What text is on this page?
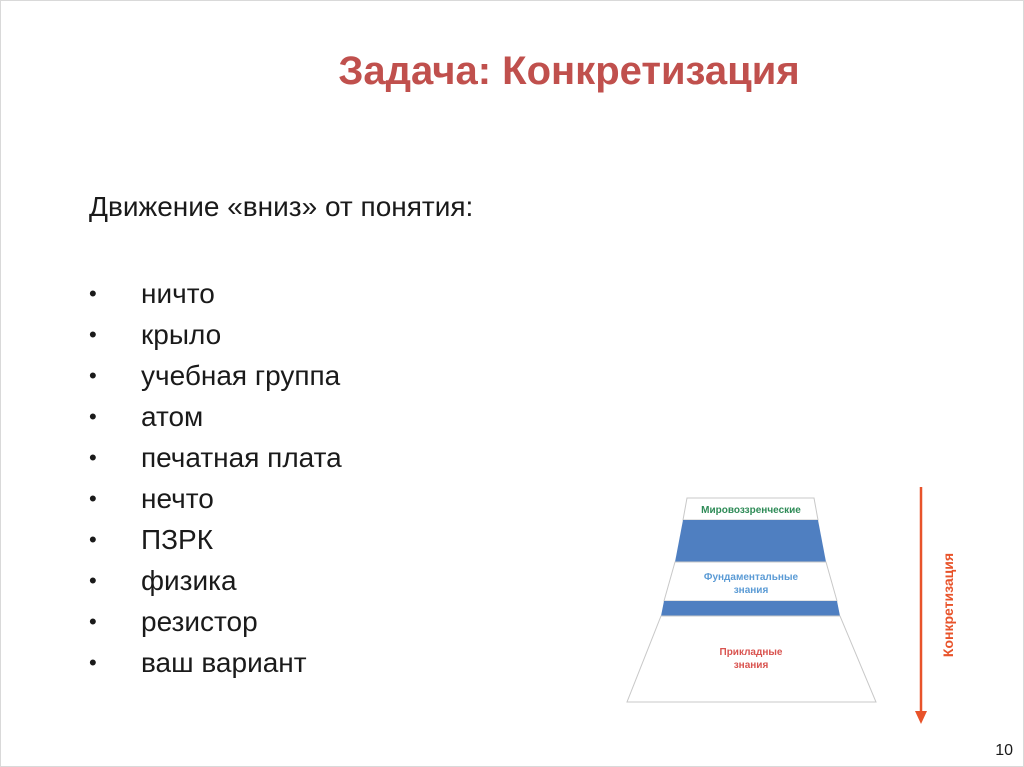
Задача: Конкретизация
Движение «вниз» от понятия:
• ничто
• крыло
• учебная группа
• атом
• печатная плата
• нечто
• ПЗРК
• физика
• резистор
• ваш вариант
Мировоззренческие
Фундаментальные
знания
Прикладные
знания
Конкретизация
10
